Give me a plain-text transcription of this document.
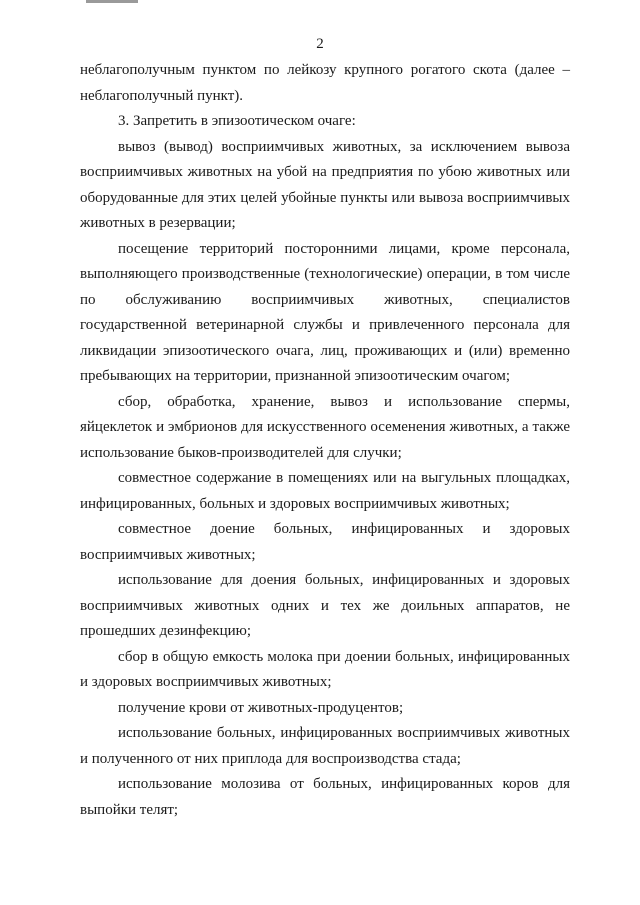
2

неблагополучным пунктом по лейкозу крупного рогатого скота (далее – неблагополучный пункт).

3. Запретить в эпизоотическом очаге:

вывоз (вывод) восприимчивых животных, за исключением вывоза восприимчивых животных на убой на предприятия по убою животных или оборудованные для этих целей убойные пункты или вывоза восприимчивых животных в резервации;

посещение территорий посторонними лицами, кроме персонала, выполняющего производственные (технологические) операции, в том числе по обслуживанию восприимчивых животных, специалистов государственной ветеринарной службы и привлеченного персонала для ликвидации эпизоотического очага, лиц, проживающих и (или) временно пребывающих на территории, признанной эпизоотическим очагом;

сбор, обработка, хранение, вывоз и использование спермы, яйцеклеток и эмбрионов для искусственного осеменения животных, а также использование быков-производителей для случки;

совместное содержание в помещениях или на выгульных площадках, инфицированных, больных и здоровых восприимчивых животных;

совместное доение больных, инфицированных и здоровых восприимчивых животных;

использование для доения больных, инфицированных и здоровых восприимчивых животных одних и тех же доильных аппаратов, не прошедших дезинфекцию;

сбор в общую емкость молока при доении больных, инфицированных и здоровых восприимчивых животных;

получение крови от животных-продуцентов;

использование больных, инфицированных восприимчивых животных и полученного от них приплода для воспроизводства стада;

использование молозива от больных, инфицированных коров для выпойки телят;
